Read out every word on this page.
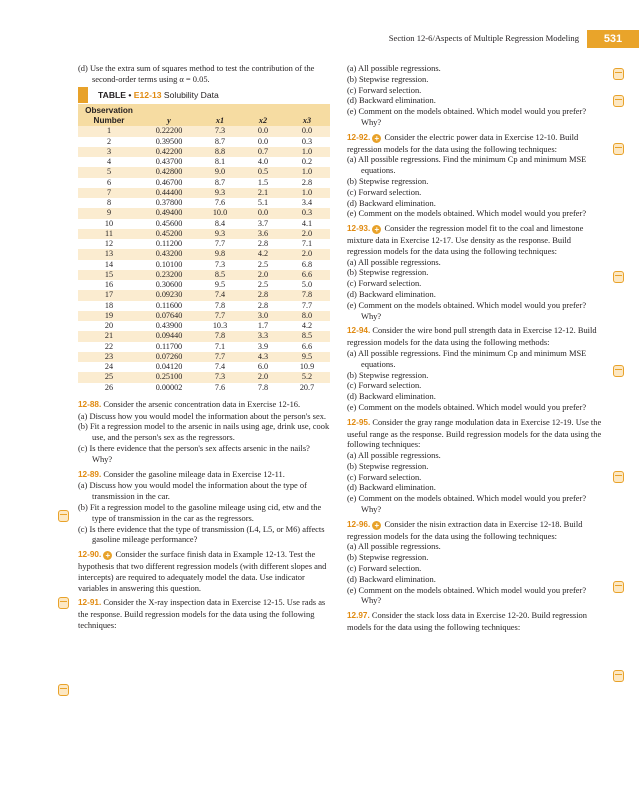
Section 12-6/Aspects of Multiple Regression Modeling	531

(d) Use the extra sum of squares method to test the contribution of the second-order terms using α = 0.05.

TABLE • E12-13 Solubility Data
Observation Number	y	x1	x2	x3
1	0.22200	7.3	0.0	0.0
2	0.39500	8.7	0.0	0.3
3	0.42200	8.8	0.7	1.0
4	0.43700	8.1	4.0	0.2
5	0.42800	9.0	0.5	1.0
6	0.46700	8.7	1.5	2.8
7	0.44400	9.3	2.1	1.0
8	0.37800	7.6	5.1	3.4
9	0.49400	10.0	0.0	0.3
10	0.45600	8.4	3.7	4.1
11	0.45200	9.3	3.6	2.0
12	0.11200	7.7	2.8	7.1
13	0.43200	9.8	4.2	2.0
14	0.10100	7.3	2.5	6.8
15	0.23200	8.5	2.0	6.6
16	0.30600	9.5	2.5	5.0
17	0.09230	7.4	2.8	7.8
18	0.11600	7.8	2.8	7.7
19	0.07640	7.7	3.0	8.0
20	0.43900	10.3	1.7	4.2
21	0.09440	7.8	3.3	8.5
22	0.11700	7.1	3.9	6.6
23	0.07260	7.7	4.3	9.5
24	0.04120	7.4	6.0	10.9
25	0.25100	7.3	2.0	5.2
26	0.00002	7.6	7.8	20.7

12-88. Consider the arsenic concentration data in Exercise 12-16.

(a) Discuss how you would model the information about the person's sex.

(b) Fit a regression model to the arsenic in nails using age, drink use, cook use, and the person's sex as the regressors.

(c) Is there evidence that the person's sex affects arsenic in the nails? Why?

12-89. Consider the gasoline mileage data in Exercise 12-11.

(a) Discuss how you would model the information about the type of transmission in the car.

(b) Fit a regression model to the gasoline mileage using cid, etw and the type of transmission in the car as the regressors.

(c) Is there evidence that the type of transmission (L4, L5, or M6) affects gasoline mileage performance?

12-90. + Consider the surface finish data in Example 12-13. Test the hypothesis that two different regression models (with different slopes and intercepts) are required to adequately model the data. Use indicator variables in answering this question.

12-91. Consider the X-ray inspection data in Exercise 12-15. Use rads as the response. Build regression models for the data using the following techniques:

(a) All possible regressions.

(b) Stepwise regression.

(c) Forward selection.

(d) Backward elimination.

(e) Comment on the models obtained. Which model would you prefer? Why?

12-92. + Consider the electric power data in Exercise 12-10. Build regression models for the data using the following techniques:

(a) All possible regressions. Find the minimum Cp and minimum MSE equations.

(b) Stepwise regression.

(c) Forward selection.

(d) Backward elimination.

(e) Comment on the models obtained. Which model would you prefer?

12-93. + Consider the regression model fit to the coal and limestone mixture data in Exercise 12-17. Use density as the response. Build regression models for the data using the following techniques:

(a) All possible regressions.

(b) Stepwise regression.

(c) Forward selection.

(d) Backward elimination.

(e) Comment on the models obtained. Which model would you prefer? Why?

12-94. Consider the wire bond pull strength data in Exercise 12-12. Build regression models for the data using the following methods:

(a) All possible regressions. Find the minimum Cp and minimum MSE equations.

(b) Stepwise regression.

(c) Forward selection.

(d) Backward elimination.

(e) Comment on the models obtained. Which model would you prefer?

12-95. Consider the gray range modulation data in Exercise 12-19. Use the useful range as the response. Build regression models for the data using the following techniques:

(a) All possible regressions.

(b) Stepwise regression.

(c) Forward selection.

(d) Backward elimination.

(e) Comment on the models obtained. Which model would you prefer? Why?

12-96. + Consider the nisin extraction data in Exercise 12-18. Build regression models for the data using the following techniques:

(a) All possible regressions.

(b) Stepwise regression.

(c) Forward selection.

(d) Backward elimination.

(e) Comment on the models obtained. Which model would you prefer? Why?

12.97. Consider the stack loss data in Exercise 12-20. Build regression models for the data using the following techniques:
